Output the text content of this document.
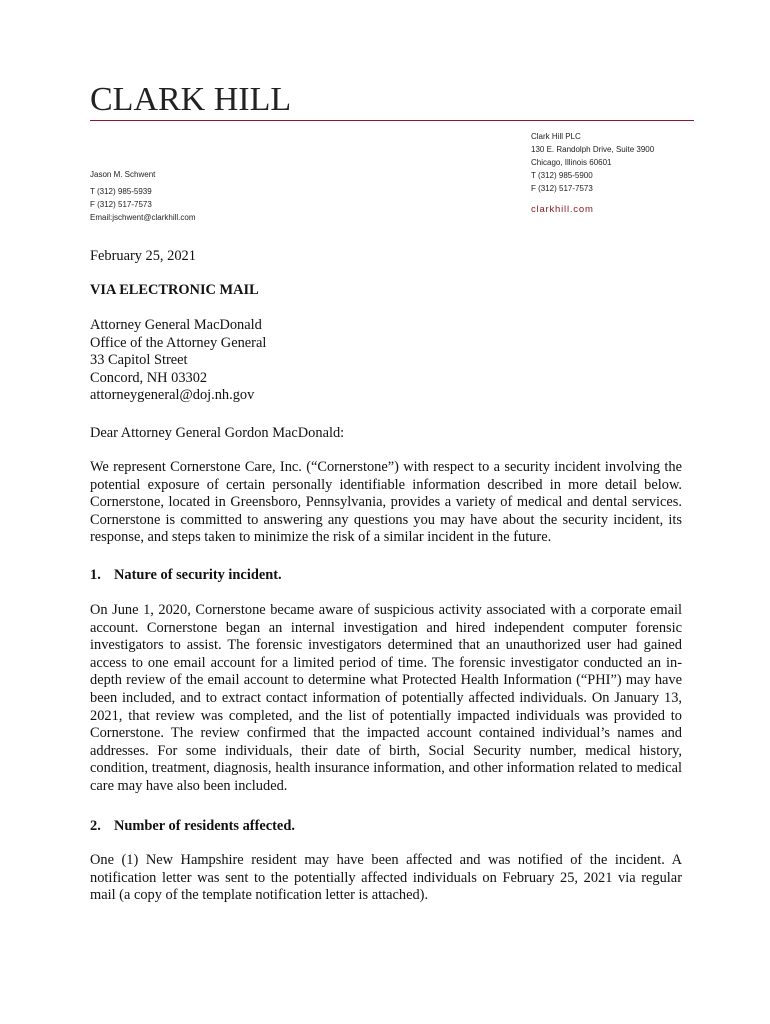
CLARK HILL
Clark Hill PLC
130 E. Randolph Drive, Suite 3900
Chicago, Illinois 60601
T (312) 985-5900
F (312) 517-7573
clarkhill.com
Jason M. Schwent
T (312) 985-5939
F (312) 517-7573
Email:jschwent@clarkhill.com
February 25, 2021
VIA ELECTRONIC MAIL
Attorney General MacDonald
Office of the Attorney General
33 Capitol Street
Concord, NH 03302
attorneygeneral@doj.nh.gov
Dear Attorney General Gordon MacDonald:

We represent Cornerstone Care, Inc. (“Cornerstone”) with respect to a security incident involving the potential exposure of certain personally identifiable information described in more detail below. Cornerstone, located in Greensboro, Pennsylvania, provides a variety of medical and dental services. Cornerstone is committed to answering any questions you may have about the security incident, its response, and steps taken to minimize the risk of a similar incident in the future.

1. Nature of security incident.

On June 1, 2020, Cornerstone became aware of suspicious activity associated with a corporate email account. Cornerstone began an internal investigation and hired independent computer forensic investigators to assist. The forensic investigators determined that an unauthorized user had gained access to one email account for a limited period of time. The forensic investigator conducted an in-depth review of the email account to determine what Protected Health Information (“PHI”) may have been included, and to extract contact information of potentially affected individuals. On January 13, 2021, that review was completed, and the list of potentially impacted individuals was provided to Cornerstone. The review confirmed that the impacted account contained individual’s names and addresses. For some individuals, their date of birth, Social Security number, medical history, condition, treatment, diagnosis, health insurance information, and other information related to medical care may have also been included.

2. Number of residents affected.

One (1) New Hampshire resident may have been affected and was notified of the incident. A notification letter was sent to the potentially affected individuals on February 25, 2021 via regular mail (a copy of the template notification letter is attached).
